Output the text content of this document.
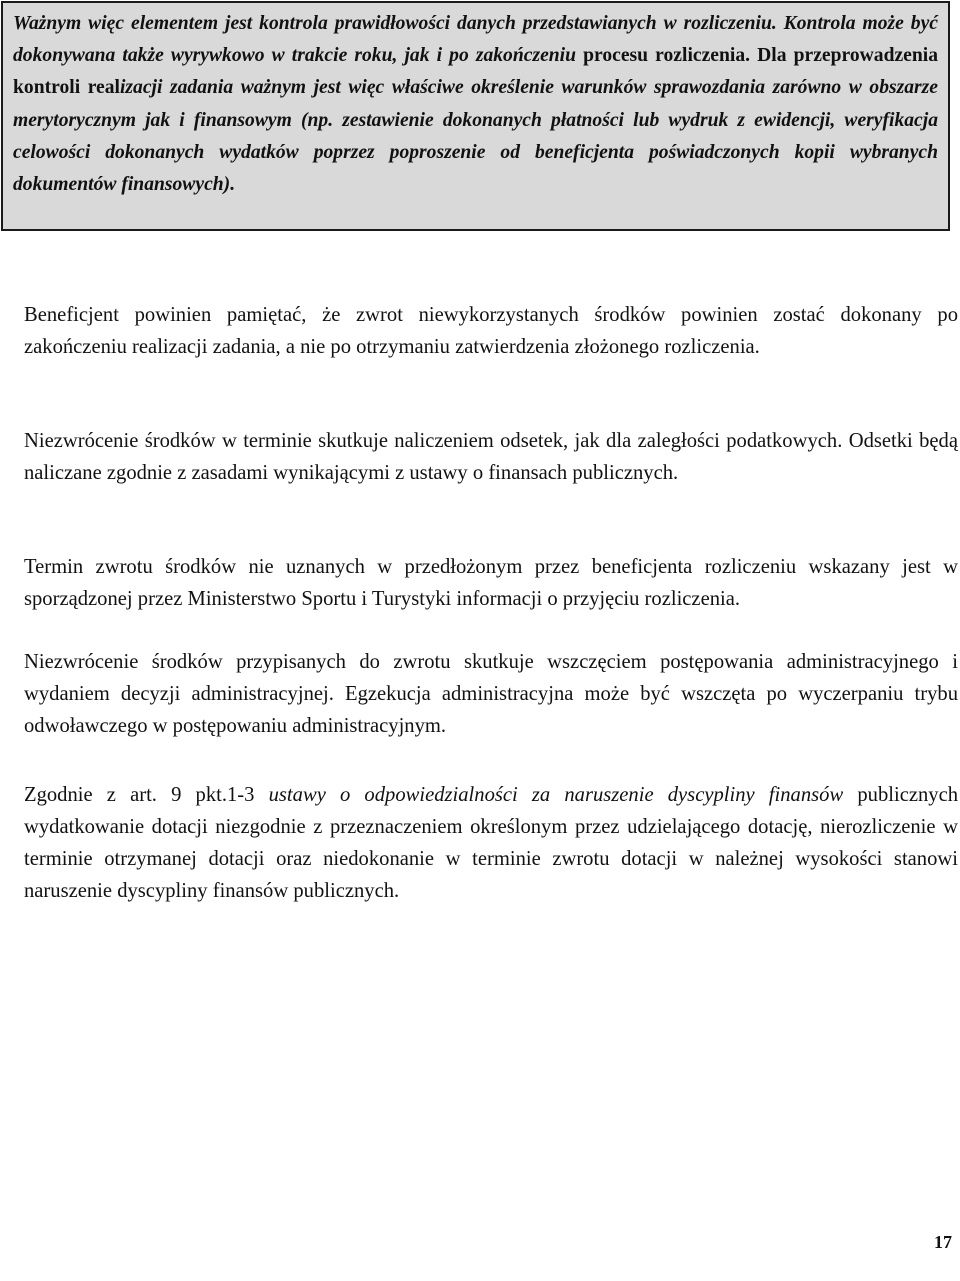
Ważnym więc elementem jest kontrola prawidłowości danych przedstawianych w rozliczeniu. Kontrola może być dokonywana także wyrywkowo w trakcie roku, jak i po zakończeniu procesu rozliczenia. Dla przeprowadzenia kontroli realizacji zadania ważnym jest więc właściwe określenie warunków sprawozdania zarówno w obszarze merytorycznym jak i finansowym (np. zestawienie dokonanych płatności lub wydruk z ewidencji, weryfikacja celowości dokonanych wydatków poprzez poproszenie od beneficjenta poświadczonych kopii wybranych dokumentów finansowych).

Beneficjent powinien pamiętać, że zwrot niewykorzystanych środków powinien zostać dokonany po zakończeniu realizacji zadania, a nie po otrzymaniu zatwierdzenia złożonego rozliczenia.

Niezwrócenie środków w terminie skutkuje naliczeniem odsetek, jak dla zaległości podatkowych. Odsetki będą naliczane zgodnie z zasadami wynikającymi z ustawy o finansach publicznych.

Termin zwrotu środków nie uznanych w przedłożonym przez beneficjenta rozliczeniu wskazany jest w sporządzonej przez Ministerstwo Sportu i Turystyki informacji o przyjęciu rozliczenia.

Niezwrócenie środków przypisanych do zwrotu skutkuje wszczęciem postępowania administracyjnego i wydaniem decyzji administracyjnej. Egzekucja administracyjna może być wszczęta po wyczerpaniu trybu odwoławczego w postępowaniu administracyjnym.

Zgodnie z art. 9 pkt.1-3 ustawy o odpowiedzialności za naruszenie dyscypliny finansów publicznych wydatkowanie dotacji niezgodnie z przeznaczeniem określonym przez udzielającego dotację, nierozliczenie w terminie otrzymanej dotacji oraz niedokonanie w terminie zwrotu dotacji w należnej wysokości stanowi naruszenie dyscypliny finansów publicznych.

17
